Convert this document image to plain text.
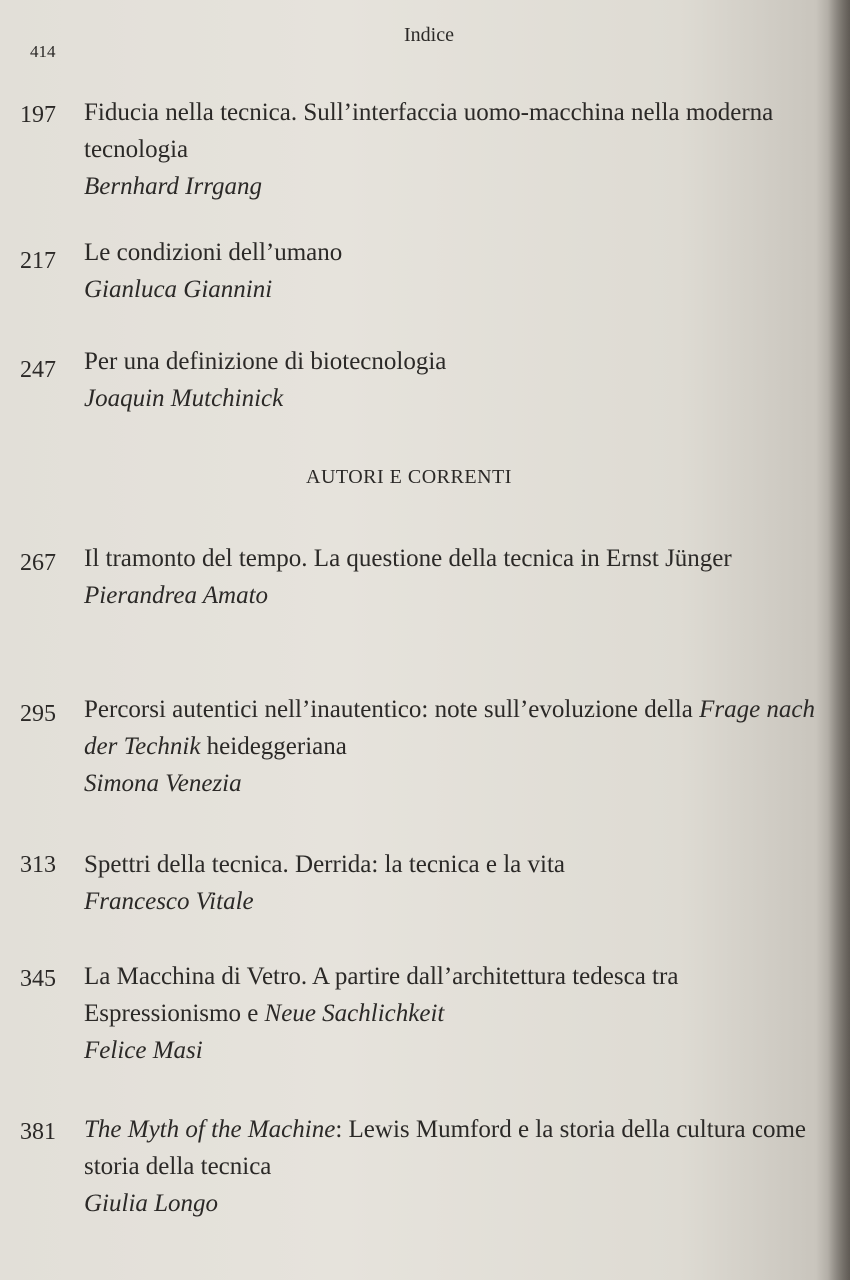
414
Indice
197 Fiducia nella tecnica. Sull’interfaccia uomo-macchina nella moderna tecnologia
Bernhard Irrgang
217 Le condizioni dell’umano
Gianluca Giannini
247 Per una definizione di biotecnologia
Joaquin Mutchinick
AUTORI E CORRENTI
267 Il tramonto del tempo. La questione della tecnica in Ernst Jünger
Pierandrea Amato
295 Percorsi autentici nell’inautentico: note sull’evoluzione della Frage nach der Technik heideggeriana
Simona Venezia
313 Spettri della tecnica. Derrida: la tecnica e la vita
Francesco Vitale
345 La Macchina di Vetro. A partire dall’architettura tedesca tra Espressionismo e Neue Sachlichkeit
Felice Masi
381 The Myth of the Machine: Lewis Mumford e la storia della cultura come storia della tecnica
Giulia Longo
